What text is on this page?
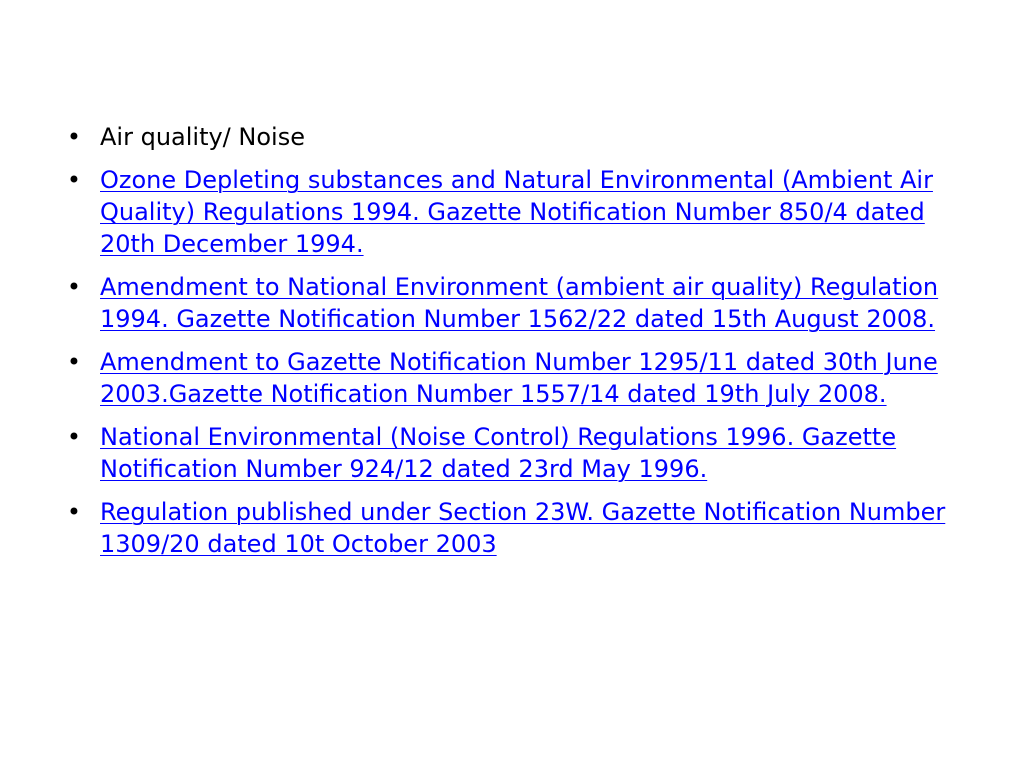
• Air quality/ Noise
• Ozone Depleting substances and Natural Environmental (Ambient Air Quality) Regulations 1994. Gazette Notification Number 850/4 dated 20th December 1994.
• Amendment to National Environment (ambient air quality) Regulation 1994. Gazette Notification Number 1562/22 dated 15th August 2008.
• Amendment to Gazette Notification Number 1295/11 dated 30th June 2003.Gazette Notification Number 1557/14 dated 19th July 2008.
• National Environmental (Noise Control) Regulations 1996. Gazette Notification Number 924/12 dated 23rd May 1996.
• Regulation published under Section 23W. Gazette Notification Number 1309/20 dated 10t October 2003
